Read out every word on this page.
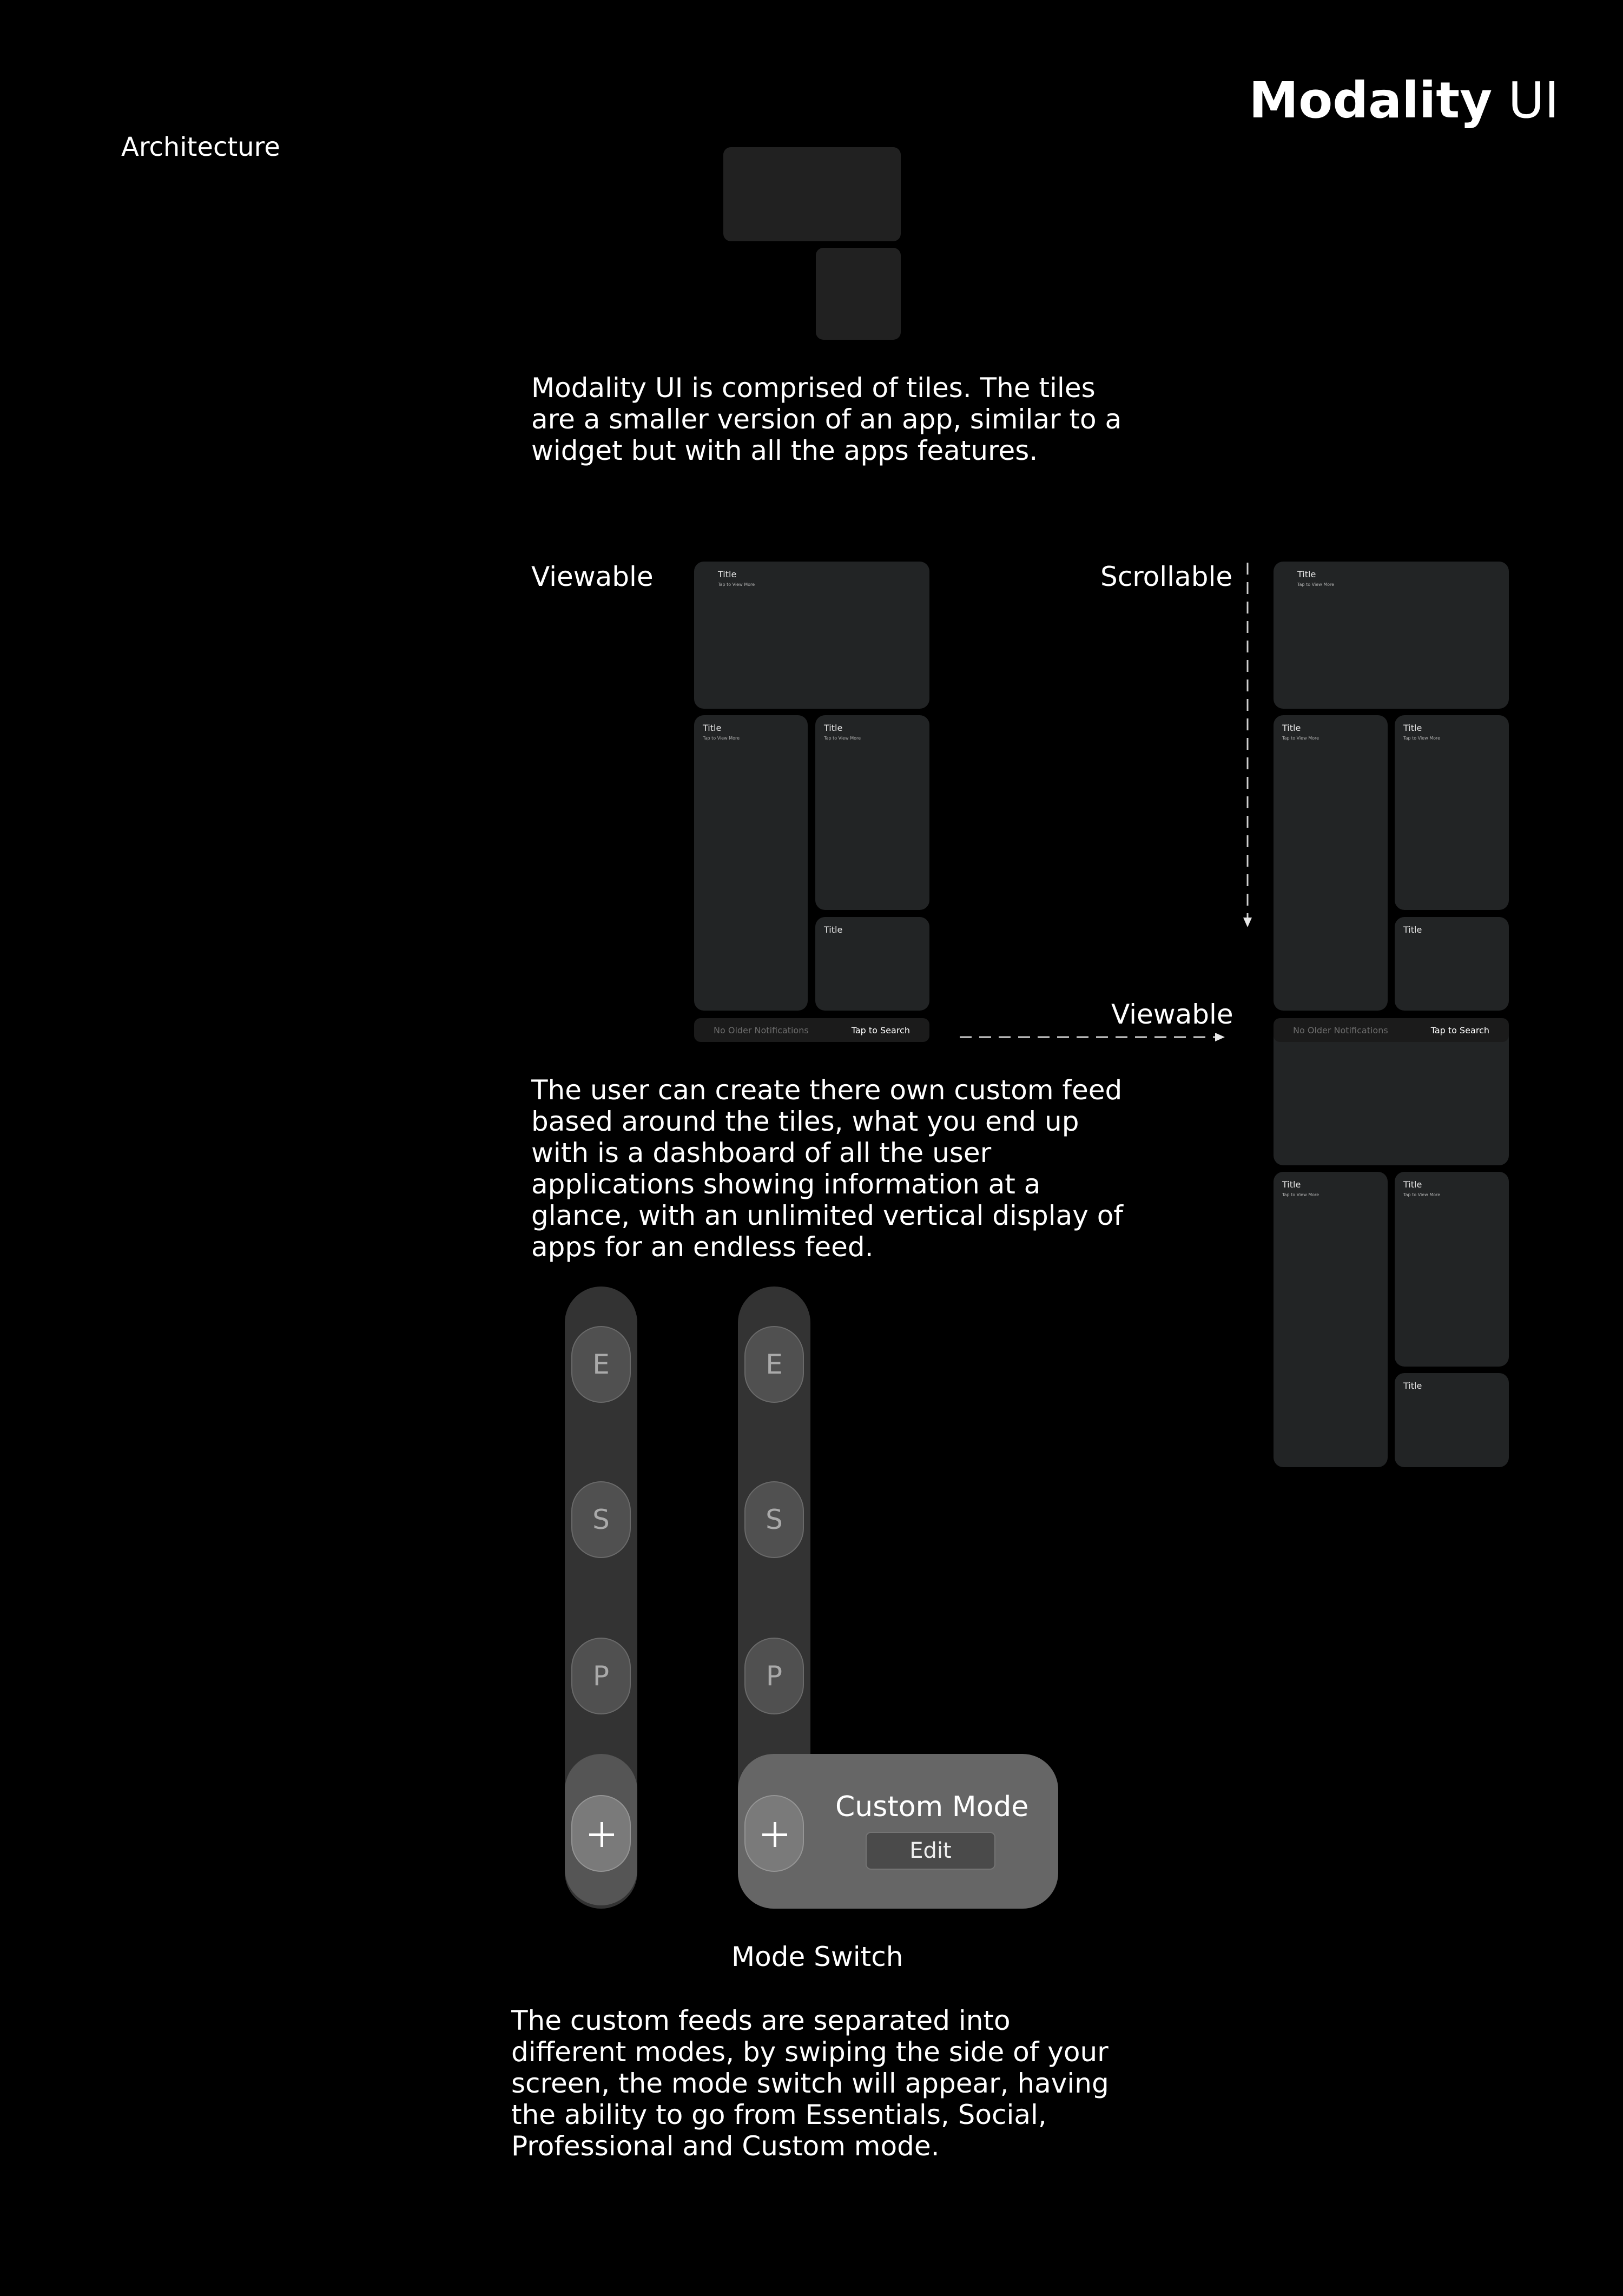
Modality UI
Architecture
Modality UI is comprised of tiles. The tiles are a smaller version of an app, similar to a widget but with all the apps features.
Viewable	Scrollable
Viewable
Title
Tap to View More
Title
Tap to View More
Title
Tap to View More
Title
No Older Notifications	Tap to Search
Title
Tap to View More
Title
Tap to View More
Title
Tap to View More
Title
No Older Notifications	Tap to Search
Title
Tap to View More
Title
Tap to View More
Title
The user can create there own custom feed based around the tiles, what you end up with is a dashboard of all the user applications showing information at a glance, with an unlimited vertical display of apps for an endless feed.
E
S
P
E
S
P
Custom Mode
Edit
Mode Switch
The custom feeds are separated into different modes, by swiping the side of your screen, the mode switch will appear, having the ability to go from Essentials, Social, Professional and Custom mode.
